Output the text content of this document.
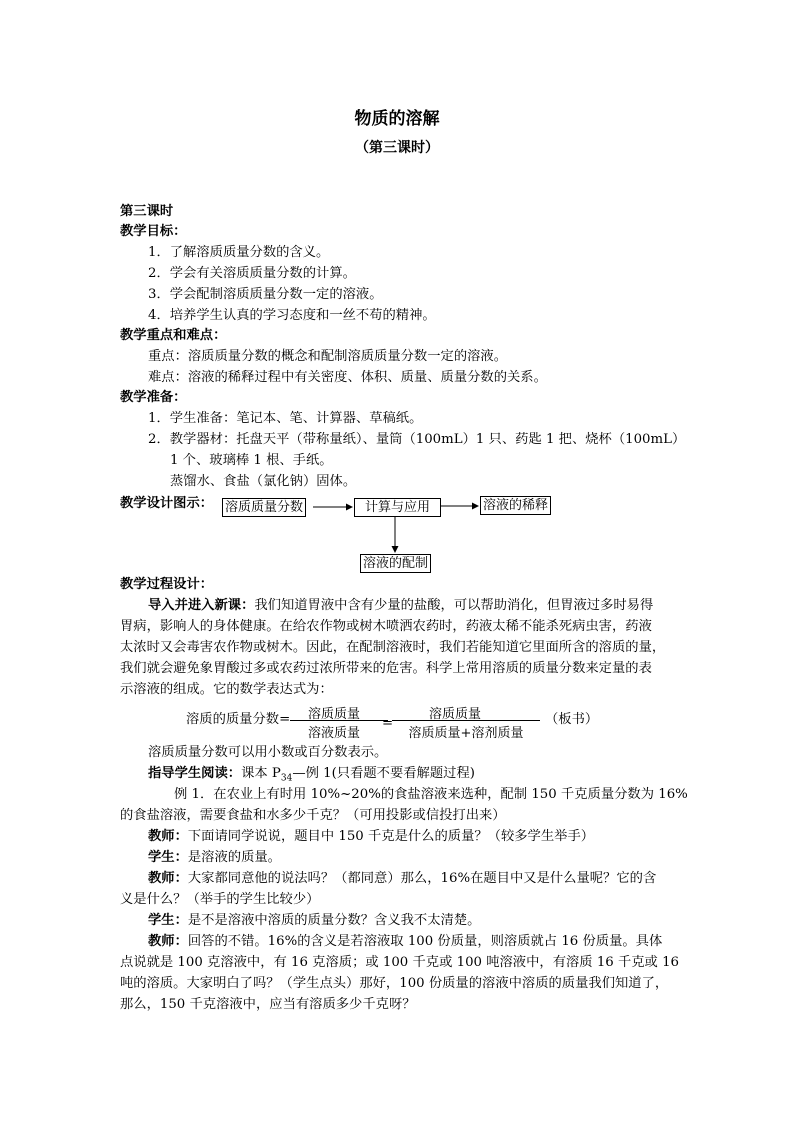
物质的溶解
（第三课时）
第三课时
教学目标：
1．了解溶质质量分数的含义。
2．学会有关溶质质量分数的计算。
3．学会配制溶质质量分数一定的溶液。
4．培养学生认真的学习态度和一丝不苟的精神。
教学重点和难点：
重点：溶质质量分数的概念和配制溶质质量分数一定的溶液。
难点：溶液的稀释过程中有关密度、体积、质量、质量分数的关系。
教学准备：
1．学生准备：笔记本、笔、计算器、草稿纸。
2．教学器材：托盘天平（带称量纸）、量筒（100mL）1 只、药匙 1 把、烧杯（100mL）
1 个、玻璃棒 1 根、手纸。
蒸馏水、食盐（氯化钠）固体。
教学设计图示： 溶质质量分数	计算与应用	溶液的稀释
溶液的配制
教学过程设计：
导入并进入新课：我们知道胃液中含有少量的盐酸，可以帮助消化，但胃液过多时易得
胃病，影响人的身体健康。在给农作物或树木喷洒农药时，药液太稀不能杀死病虫害，药液
太浓时又会毒害农作物或树木。因此，在配制溶液时，我们若能知道它里面所含的溶质的量，
我们就会避免象胃酸过多或农药过浓所带来的危害。科学上常用溶质的质量分数来定量的表
示溶液的组成。它的数学表达式为：
溶质的质量分数=	溶质质量
溶液质量
=
溶质质量
溶质质量+溶剂质量
（板书）
溶质质量分数可以用小数或百分数表示。
指导学生阅读：课本 $P_{34}—$例 1(只看题不要看解题过程)
例 1．在农业上有时用 10%~20%的食盐溶液来选种，配制 150 千克质量分数为 16%
的食盐溶液，需要食盐和水多少千克？（可用投影或信投打出来）
教师：下面请同学说说，题目中 150 千克是什么的质量？（较多学生举手）
学生：是溶液的质量。
教师：大家都同意他的说法吗？（都同意）那么，16%在题目中又是什么量呢？它的含
义是什么？（举手的学生比较少）
学生：是不是溶液中溶质的质量分数？含义我不太清楚。
教师：回答的不错。16%的含义是若溶液取 100 份质量，则溶质就占 16 份质量。具体
点说就是 100 克溶液中，有 16 克溶质；或 100 千克或 100 吨溶液中，有溶质 16 千克或 16
吨的溶质。大家明白了吗？（学生点头）那好，100 份质量的溶液中溶质的质量我们知道了，
那么，150 千克溶液中，应当有溶质多少千克呀？
